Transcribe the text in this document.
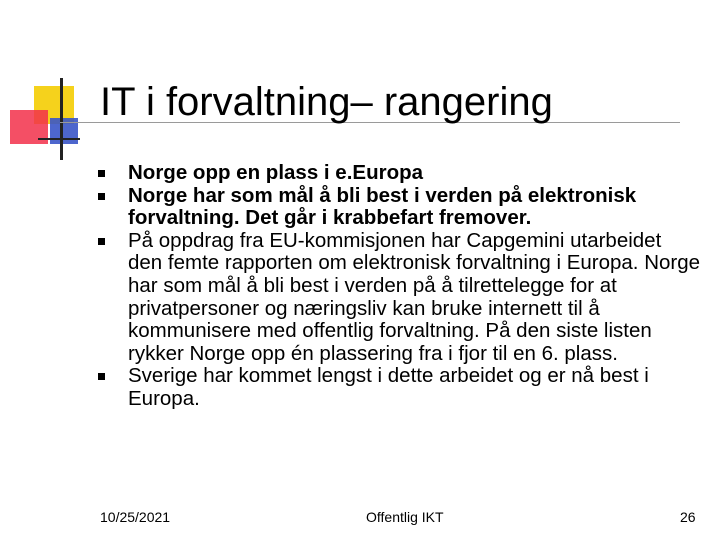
IT i forvaltning– rangering
Norge opp en plass i e.Europa
Norge har som mål å bli best i verden på elektronisk forvaltning. Det går i krabbefart fremover.
På oppdrag fra EU-kommisjonen har Capgemini utarbeidet den femte rapporten om elektronisk forvaltning i Europa. Norge har som mål å bli best i verden på å tilrettelegge for at privatpersoner og næringsliv kan bruke internett til å kommunisere med offentlig forvaltning. På den siste listen rykker Norge opp én plassering fra i fjor til en 6. plass.
Sverige har kommet lengst i dette arbeidet og er nå best i Europa.
10/25/2021	Offentlig IKT	26
